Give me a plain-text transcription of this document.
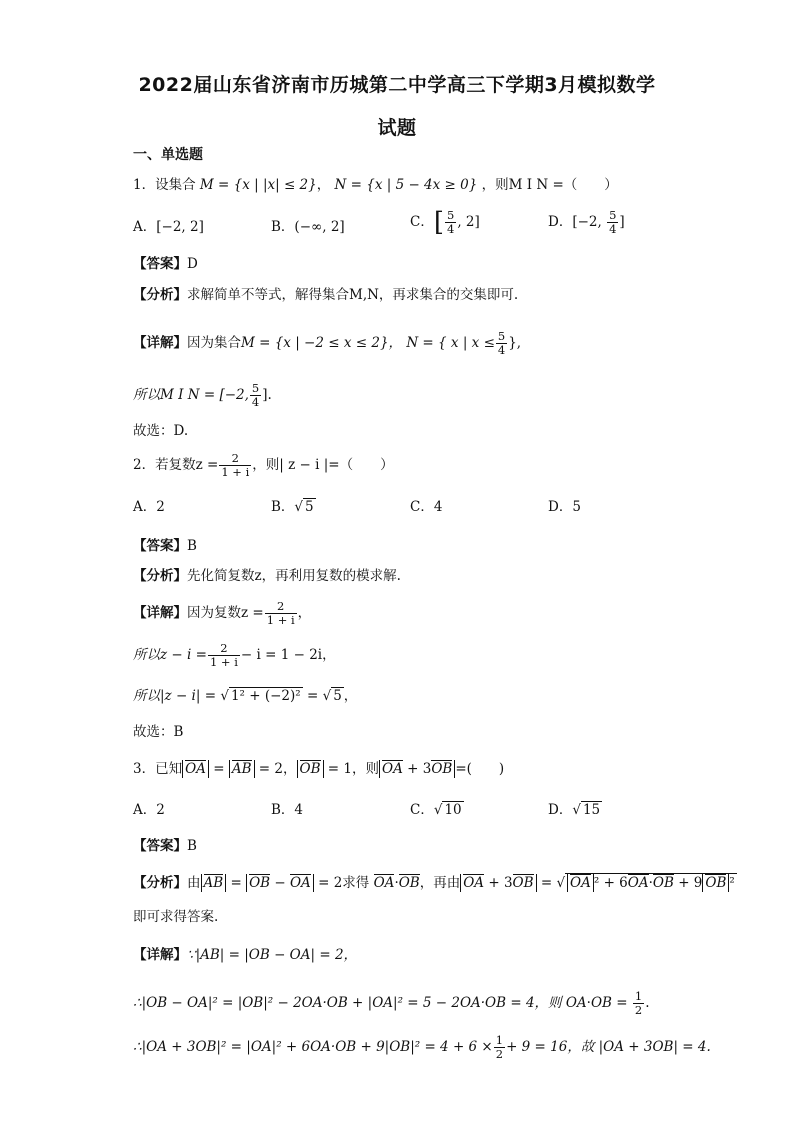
2022届山东省济南市历城第二中学高三下学期3月模拟数学
试题
一、单选题
1．设集合 M = {x | |x| ≤ 2}， N = {x | 5 − 4x ≥ 0} ，则M I N =（　　）
A．[−2, 2]	B．(−∞, 2]	C．[ $\frac{5}{4}$ , 2]	D．[−2, $\frac{5}{4}$ ]
【答案】D
【分析】求解简单不等式，解得集合M,N，再求集合的交集即可.
【详解】因为集合M = {x | −2 ≤ x ≤ 2}， N = { x | $x \le \frac{5}{4}$ },
所以M I N = [−2, $\frac{5}{4}$ ].
故选：D.
2．若复数$z = \frac{2}{1 + i}$ ，则| z − i |=（　　）
A．2	B．√ 5	C．4	D．5
【答案】B
【分析】先化简复数z，再利用复数的模求解.
【详解】因为复数$z = \frac{2}{1 + i}$ ，
所以$z - i = \frac{2}{1 + i} - i = 1 - 2i$，
所以|z − i| = √ 1² + (−2)² = √ 5 ，
故选：B
3．已知 OA = AB = 2， OB = 1，则 OA + 3OB =(　　)
A．2	B．4	C．√ 10	D．√ 15
【答案】B
【分析】由 AB = OB − OA = 2求得 OA·OB，再由 OA + 3OB = √ OA ² + 6OA·OB + 9 OB ²
即可求得答案.
【详解】∵|AB| = |OB − OA| = 2，
∴|OB − OA|² = |OB|² − 2OA·OB + |OA|² = 5 − 2OA·OB = 4，则 $OA\cdot OB = \frac{1}{2}$ .
∴|OA + $3OB|^2 = |OA|^2 + 6OA\cdot OB + 9|OB|^2 = 4 + 6 \times \frac{1}{2} + 9 = 16$，故 |OA + 3OB| = 4.
